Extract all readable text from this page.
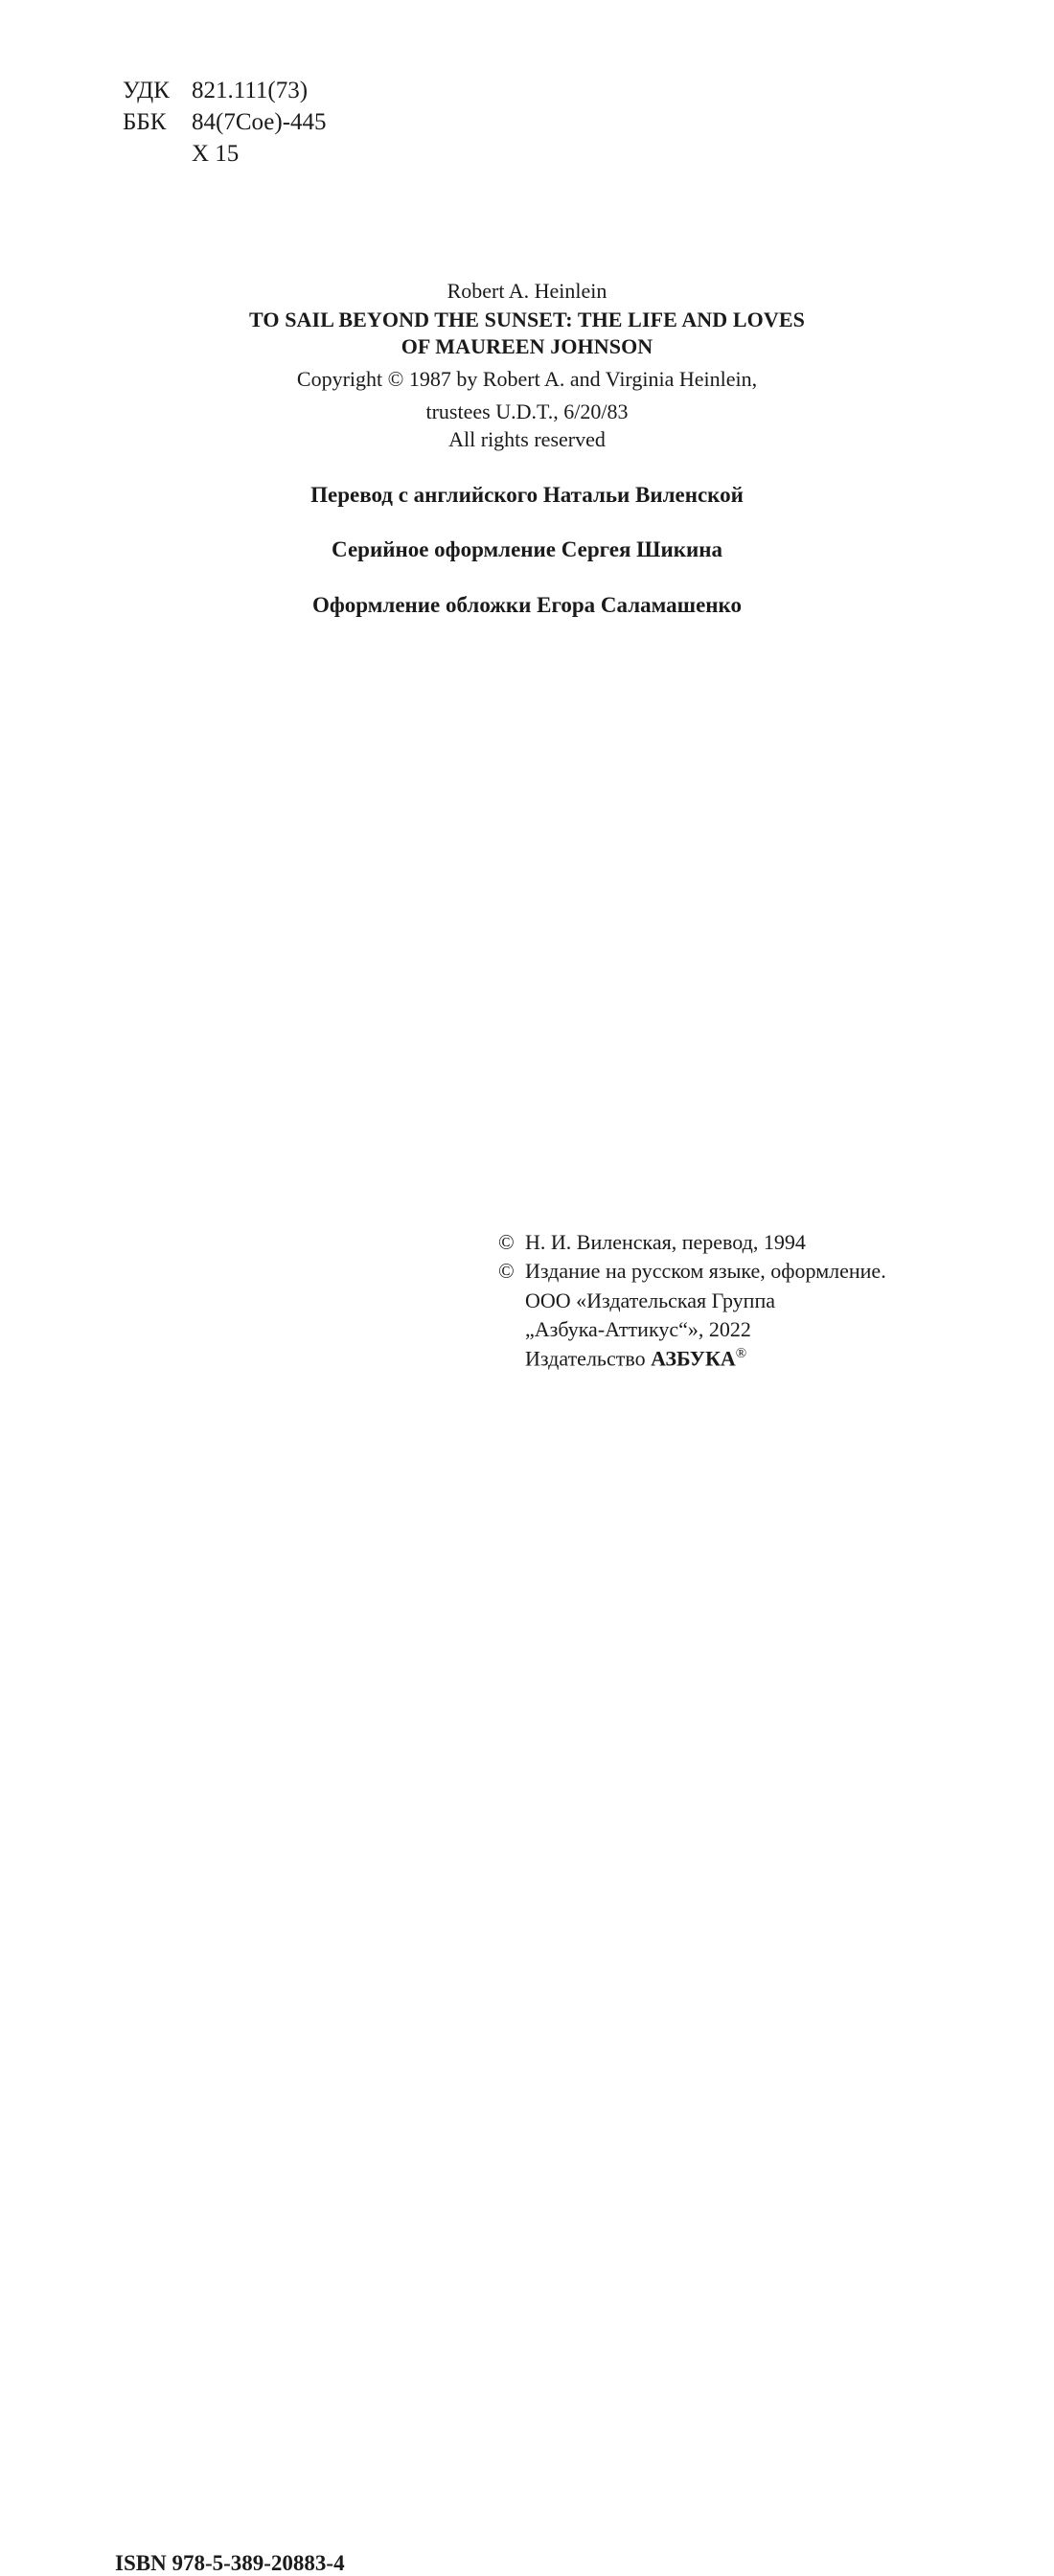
УДК 821.111(73)
ББК 84(7Сое)-445
Х 15
Robert A. Heinlein
TO SAIL BEYOND THE SUNSET: THE LIFE AND LOVES
OF MAUREEN JOHNSON
Copyright © 1987 by Robert A. and Virginia Heinlein,
trustees U.D.T., 6/20/83
All rights reserved
Перевод с английского Натальи Виленской
Серийное оформление Сергея Шикина
Оформление обложки Егора Саламашенко
© Н. И. Виленская, перевод, 1994
© Издание на русском языке, оформление.
ООО «Издательская Группа
„Азбука-Аттикус“», 2022
Издательство АЗБУКА®
ISBN 978-5-389-20883-4
